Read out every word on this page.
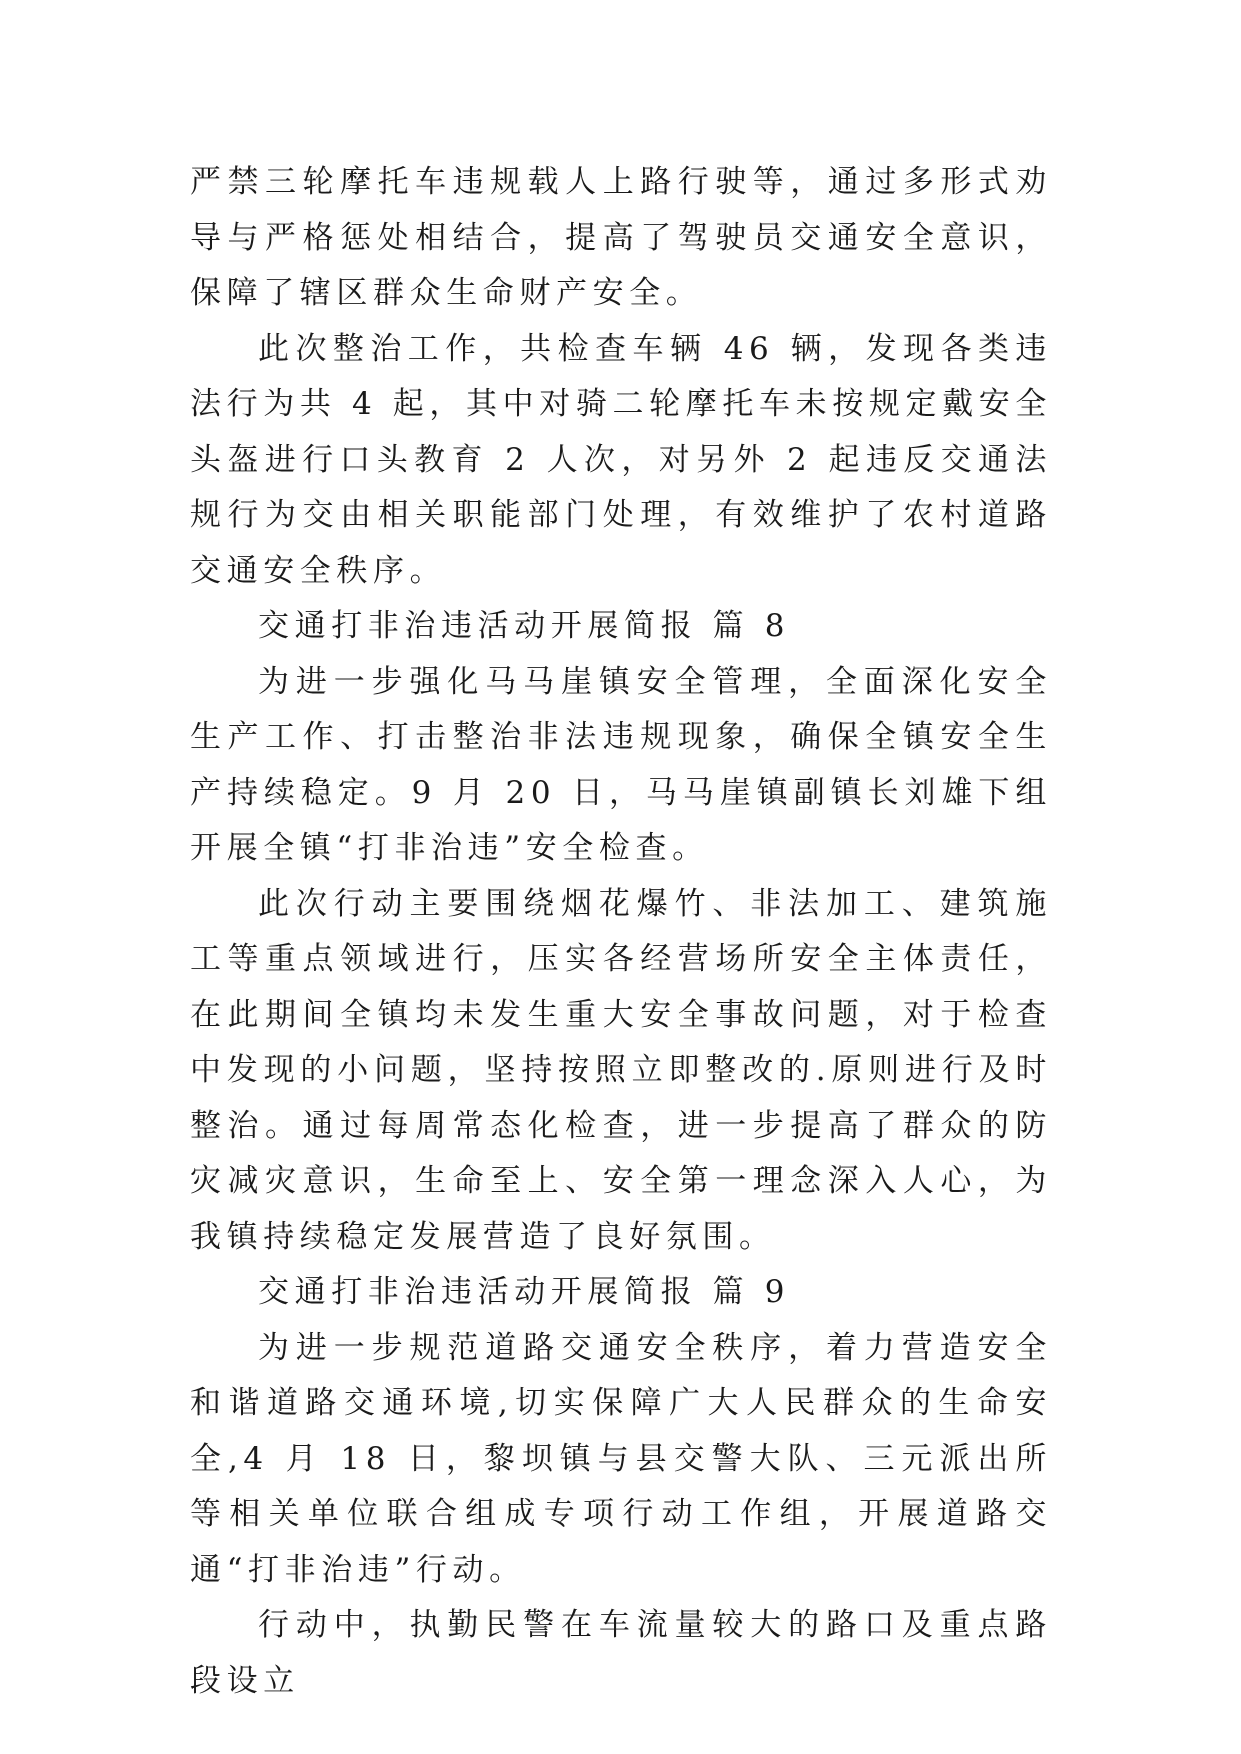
严禁三轮摩托车违规载人上路行驶等，通过多形式劝导与严格惩处相结合，提高了驾驶员交通安全意识，保障了辖区群众生命财产安全。

此次整治工作，共检查车辆 46 辆，发现各类违法行为共 4 起，其中对骑二轮摩托车未按规定戴安全头盔进行口头教育 2 人次，对另外 2 起违反交通法规行为交由相关职能部门处理，有效维护了农村道路交通安全秩序。

交通打非治违活动开展简报 篇 8

为进一步强化马马崖镇安全管理，全面深化安全生产工作、打击整治非法违规现象，确保全镇安全生产持续稳定。9 月 20 日，马马崖镇副镇长刘雄下组开展全镇“打非治违”安全检查。

此次行动主要围绕烟花爆竹、非法加工、建筑施工等重点领域进行，压实各经营场所安全主体责任，在此期间全镇均未发生重大安全事故问题，对于检查中发现的小问题，坚持按照立即整改的.原则进行及时整治。通过每周常态化检查，进一步提高了群众的防灾减灾意识，生命至上、安全第一理念深入人心，为我镇持续稳定发展营造了良好氛围。

交通打非治违活动开展简报 篇 9

为进一步规范道路交通安全秩序，着力营造安全和谐道路交通环境,切实保障广大人民群众的生命安全,4 月 18 日，黎坝镇与县交警大队、三元派出所等相关单位联合组成专项行动工作组，开展道路交通“打非治违”行动。

行动中，执勤民警在车流量较大的路口及重点路段设立
